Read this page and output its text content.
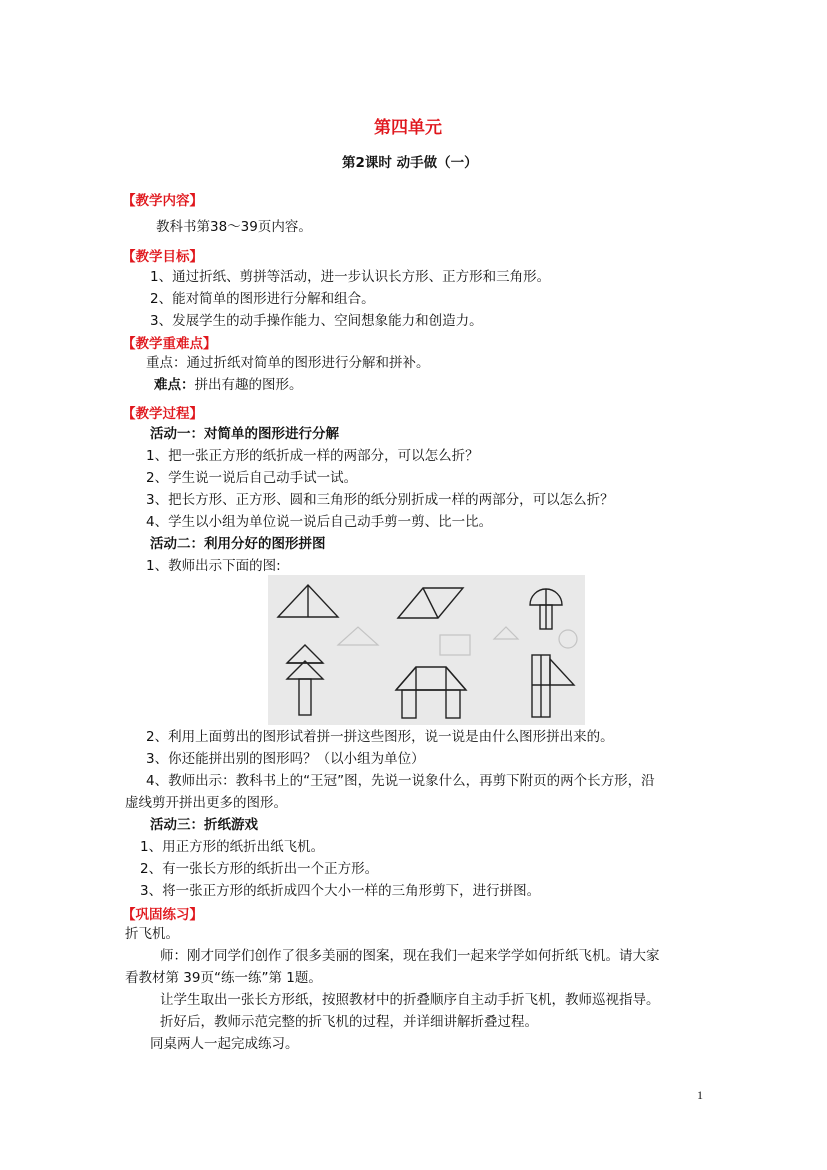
第四单元
第2课时 动手做（一）
【教学内容】
教科书第38～39页内容。
【教学目标】
1、通过折纸、剪拼等活动，进一步认识长方形、正方形和三角形。
2、能对简单的图形进行分解和组合。
3、发展学生的动手操作能力、空间想象能力和创造力。
【教学重难点】
重点：通过折纸对简单的图形进行分解和拼补。
难点：拼出有趣的图形。
【教学过程】
活动一：对简单的图形进行分解
1、把一张正方形的纸折成一样的两部分，可以怎么折？
2、学生说一说后自己动手试一试。
3、把长方形、正方形、圆和三角形的纸分别折成一样的两部分，可以怎么折？
4、学生以小组为单位说一说后自己动手剪一剪、比一比。
活动二：利用分好的图形拼图
1、教师出示下面的图:
2、利用上面剪出的图形试着拼一拼这些图形，说一说是由什么图形拼出来的。
3、你还能拼出别的图形吗？（以小组为单位）
4、教师出示：教科书上的“王冠”图，先说一说象什么，再剪下附页的两个长方形，沿
虚线剪开拼出更多的图形。
活动三：折纸游戏
1、用正方形的纸折出纸飞机。
2、有一张长方形的纸折出一个正方形。
3、将一张正方形的纸折成四个大小一样的三角形剪下，进行拼图。
【巩固练习】
折飞机。
师：刚才同学们创作了很多美丽的图案，现在我们一起来学学如何折纸飞机。请大家
看教材第 39页“练一练”第 1题。
让学生取出一张长方形纸，按照教材中的折叠顺序自主动手折飞机，教师巡视指导。
折好后，教师示范完整的折飞机的过程，并详细讲解折叠过程。
同桌两人一起完成练习。
1
